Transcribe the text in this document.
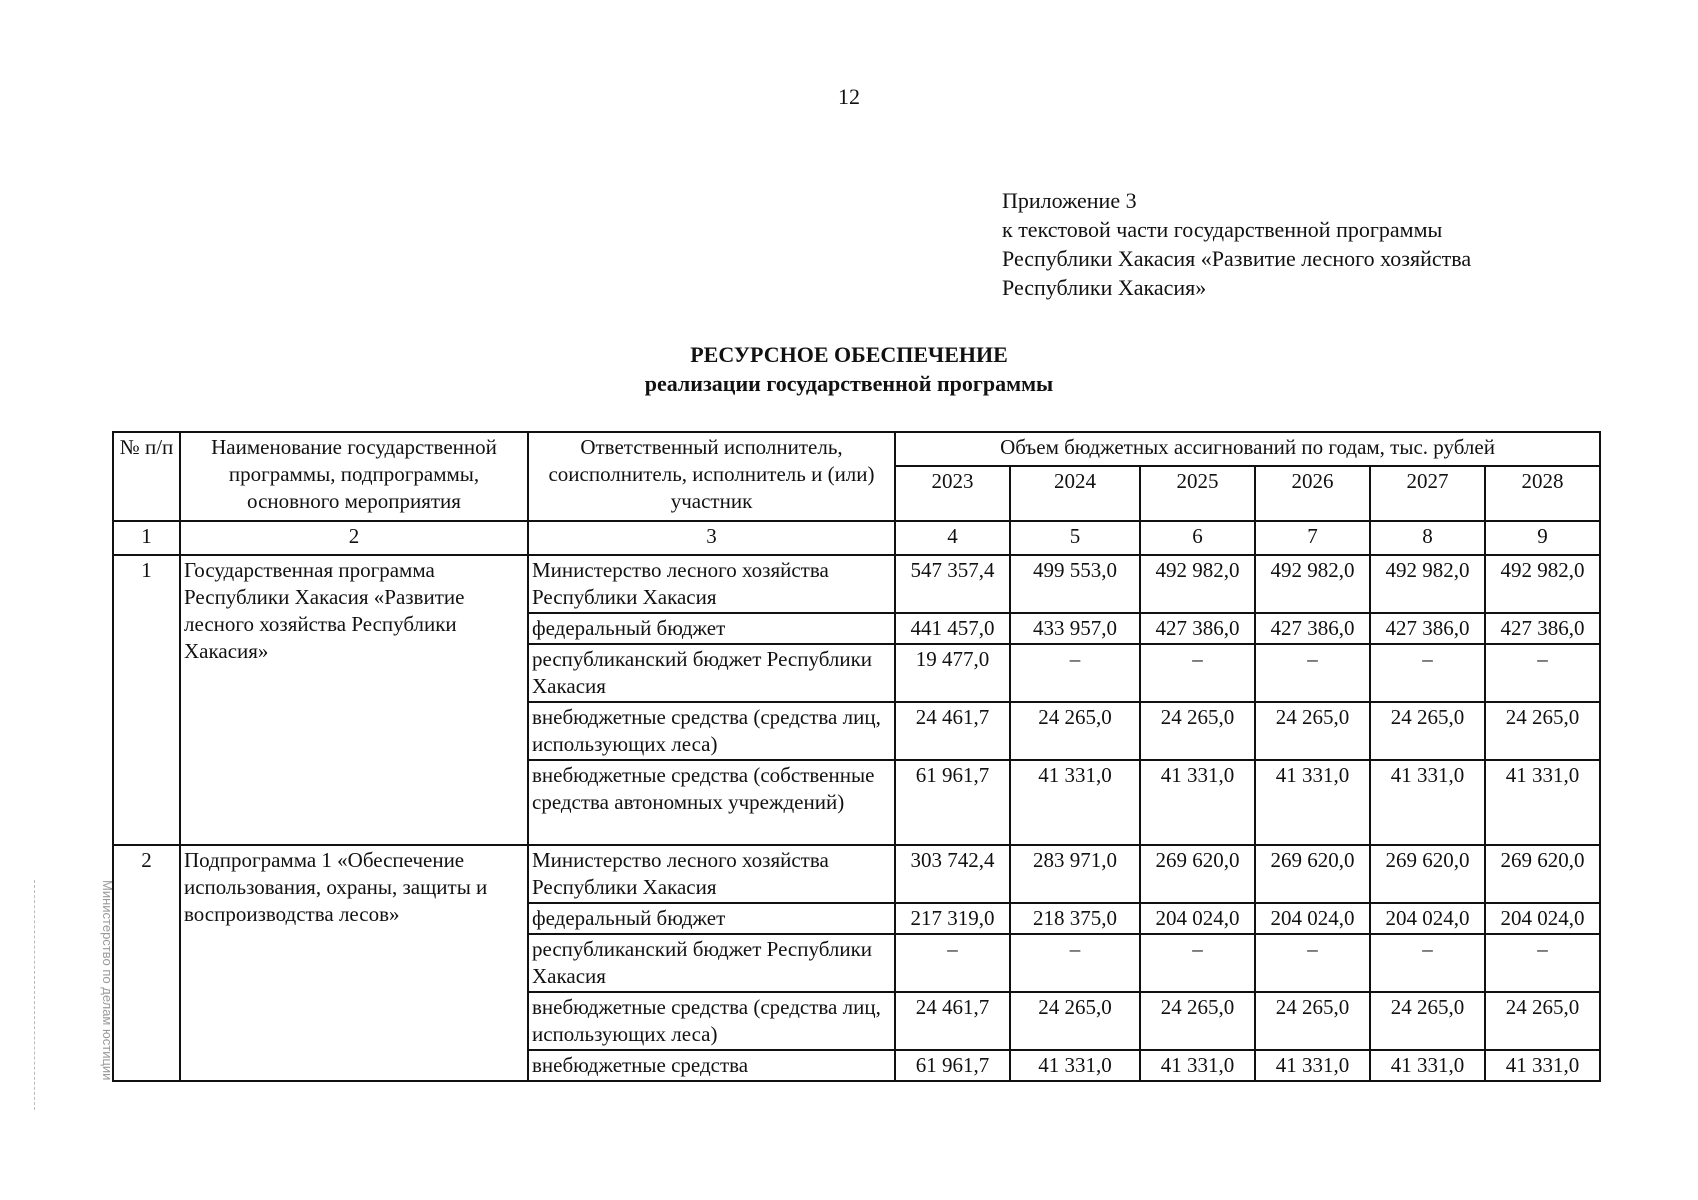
12
Приложение 3
к текстовой части государственной программы
Республики Хакасия «Развитие лесного хозяйства
Республики Хакасия»
РЕСУРСНОЕ ОБЕСПЕЧЕНИЕ
реализации государственной программы
№ п/п	Наименование государственной программы, подпрограммы, основного мероприятия	Ответственный исполнитель, соисполнитель, исполнитель и (или) участник	Объем бюджетных ассигнований по годам, тыс. рублей					
			2023	2024	2025	2026	2027	2028
1	2	3	4	5	6	7	8	9
1	Государственная программа Республики Хакасия «Развитие лесного хозяйства Республики Хакасия»	Министерство лесного хозяйства Республики Хакасия	547 357,4	499 553,0	492 982,0	492 982,0	492 982,0	492 982,0
		федеральный бюджет	441 457,0	433 957,0	427 386,0	427 386,0	427 386,0	427 386,0
		республиканский бюджет Республики Хакасия	19 477,0	–	–	–	–	–
		внебюджетные средства (средства лиц, использующих леса)	24 461,7	24 265,0	24 265,0	24 265,0	24 265,0	24 265,0
		внебюджетные средства (собственные средства автономных учреждений)	61 961,7	41 331,0	41 331,0	41 331,0	41 331,0	41 331,0
2	Подпрограмма 1 «Обеспечение использования, охраны, защиты и воспроизводства лесов»	Министерство лесного хозяйства Республики Хакасия	303 742,4	283 971,0	269 620,0	269 620,0	269 620,0	269 620,0
		федеральный бюджет	217 319,0	218 375,0	204 024,0	204 024,0	204 024,0	204 024,0
		республиканский бюджет Республики Хакасия	–	–	–	–	–	–
		внебюджетные средства (средства лиц, использующих леса)	24 461,7	24 265,0	24 265,0	24 265,0	24 265,0	24 265,0
		внебюджетные средства	61 961,7	41 331,0	41 331,0	41 331,0	41 331,0	41 331,0
Министерство по делам юстиции
